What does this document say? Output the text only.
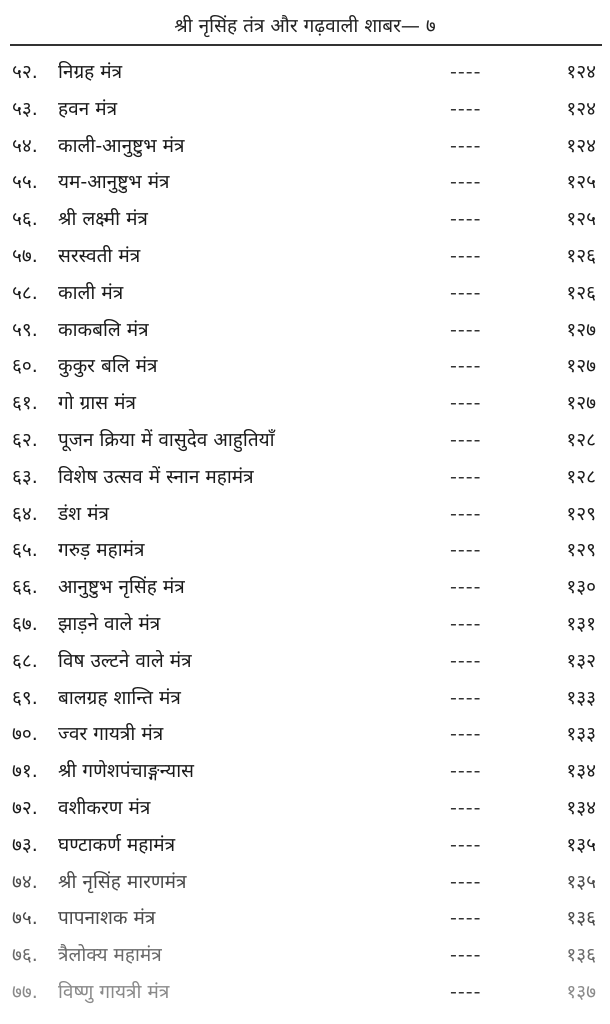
श्री नृसिंह तंत्र और गढ़वाली शाबर— ७
५२. निग्रह मंत्र	----	१२४
५३. हवन मंत्र	----	१२४
५४. काली-आनुष्टुभ मंत्र	----	१२४
५५. यम-आनुष्टुभ मंत्र	----	१२५
५६. श्री लक्ष्मी मंत्र	----	१२५
५७. सरस्वती मंत्र	----	१२६
५८. काली मंत्र	----	१२६
५९. काकबलि मंत्र	----	१२७
६०. कुकुर बलि मंत्र	----	१२७
६१. गो ग्रास मंत्र	----	१२७
६२. पूजन क्रिया में वासुदेव आहुतियाँ	----	१२८
६३. विशेष उत्सव में स्नान महामंत्र	----	१२८
६४. डंश मंत्र	----	१२९
६५. गरुड़ महामंत्र	----	१२९
६६. आनुष्टुभ नृसिंह मंत्र	----	१३०
६७. झाड़ने वाले मंत्र	----	१३१
६८. विष उल्टने वाले मंत्र	----	१३२
६९. बालग्रह शान्ति मंत्र	----	१३३
७०. ज्वर गायत्री मंत्र	----	१३३
७१. श्री गणेशपंचाङ्गन्यास	----	१३४
७२. वशीकरण मंत्र	----	१३४
७३. घण्टाकर्ण महामंत्र	----	१३५
७४. श्री नृसिंह मारणमंत्र	----	१३५
७५. पापनाशक मंत्र	----	१३६
७६. त्रैलोक्य महामंत्र	----	१३६
७७. विष्णु गायत्री मंत्र	----	१३७
